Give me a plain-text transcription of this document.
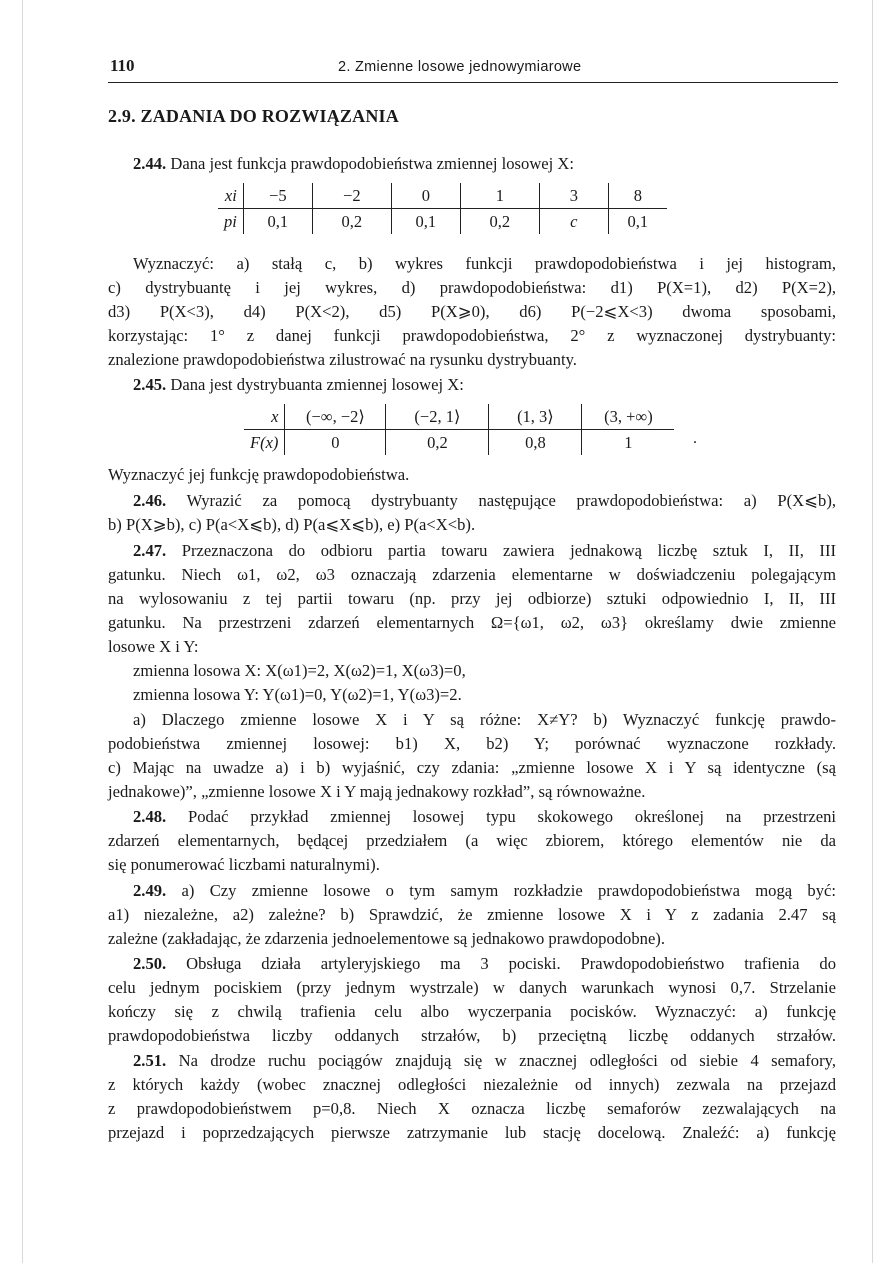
110	2. Zmienne losowe jednowymiarowe
2.9. ZADANIA DO ROZWIĄZANIA
2.44. Dana jest funkcja prawdopodobieństwa zmiennej losowej X:
xi	−5	−2	0	1	3	8
pi	0,1	0,2	0,1	0,2	c	0,1
Wyznaczyć: a) stałą c, b) wykres funkcji prawdopodobieństwa i jej histogram,
c) dystrybuantę i jej wykres, d) prawdopodobieństwa: d1) P(X=1), d2) P(X=2),
d3) P(X<3), d4) P(X<2), d5) P(X⩾0), d6) P(−2⩽X<3) dwoma sposobami,
korzystając: 1° z danej funkcji prawdopodobieństwa, 2° z wyznaczonej dystrybuanty:
znalezione prawdopodobieństwa zilustrować na rysunku dystrybuanty.
2.45. Dana jest dystrybuanta zmiennej losowej X:
x	(−∞, −2⟩	(−2, 1⟩	(1, 3⟩	(3, +∞)
F(x)	0	0,2	0,8	1	.
Wyznaczyć jej funkcję prawdopodobieństwa.
2.46. Wyrazić za pomocą dystrybuanty następujące prawdopodobieństwa: a) P(X⩽b),
b) P(X⩾b), c) P(a<X⩽b), d) P(a⩽X⩽b), e) P(a<X<b).
2.47. Przeznaczona do odbioru partia towaru zawiera jednakową liczbę sztuk I, II, III
gatunku. Niech ω1, ω2, ω3 oznaczają zdarzenia elementarne w doświadczeniu polegającym
na wylosowaniu z tej partii towaru (np. przy jej odbiorze) sztuki odpowiednio I, II, III
gatunku. Na przestrzeni zdarzeń elementarnych Ω={ω1, ω2, ω3} określamy dwie zmienne
losowe X i Y:
zmienna losowa X: X(ω1)=2, X(ω2)=1, X(ω3)=0,
zmienna losowa Y: Y(ω1)=0, Y(ω2)=1, Y(ω3)=2.
a) Dlaczego zmienne losowe X i Y są różne: X≠Y? b) Wyznaczyć funkcję prawdo-
podobieństwa zmiennej losowej: b1) X, b2) Y; porównać wyznaczone rozkłady.
c) Mając na uwadze a) i b) wyjaśnić, czy zdania: „zmienne losowe X i Y są identyczne (są
jednakowe)”, „zmienne losowe X i Y mają jednakowy rozkład”, są równoważne.
2.48. Podać przykład zmiennej losowej typu skokowego określonej na przestrzeni
zdarzeń elementarnych, będącej przedziałem (a więc zbiorem, którego elementów nie da
się ponumerować liczbami naturalnymi).
2.49. a) Czy zmienne losowe o tym samym rozkładzie prawdopodobieństwa mogą być:
a1) niezależne, a2) zależne? b) Sprawdzić, że zmienne losowe X i Y z zadania 2.47 są
zależne (zakładając, że zdarzenia jednoelementowe są jednakowo prawdopodobne).
2.50. Obsługa działa artyleryjskiego ma 3 pociski. Prawdopodobieństwo trafienia do
celu jednym pociskiem (przy jednym wystrzale) w danych warunkach wynosi 0,7. Strzelanie
kończy się z chwilą trafienia celu albo wyczerpania pocisków. Wyznaczyć: a) funkcję
prawdopodobieństwa liczby oddanych strzałów, b) przeciętną liczbę oddanych strzałów.
2.51. Na drodze ruchu pociągów znajdują się w znacznej odległości od siebie 4 semafory,
z których każdy (wobec znacznej odległości niezależnie od innych) zezwala na przejazd
z prawdopodobieństwem p=0,8. Niech X oznacza liczbę semaforów zezwalających na
przejazd i poprzedzających pierwsze zatrzymanie lub stację docelową. Znaleźć: a) funkcję
